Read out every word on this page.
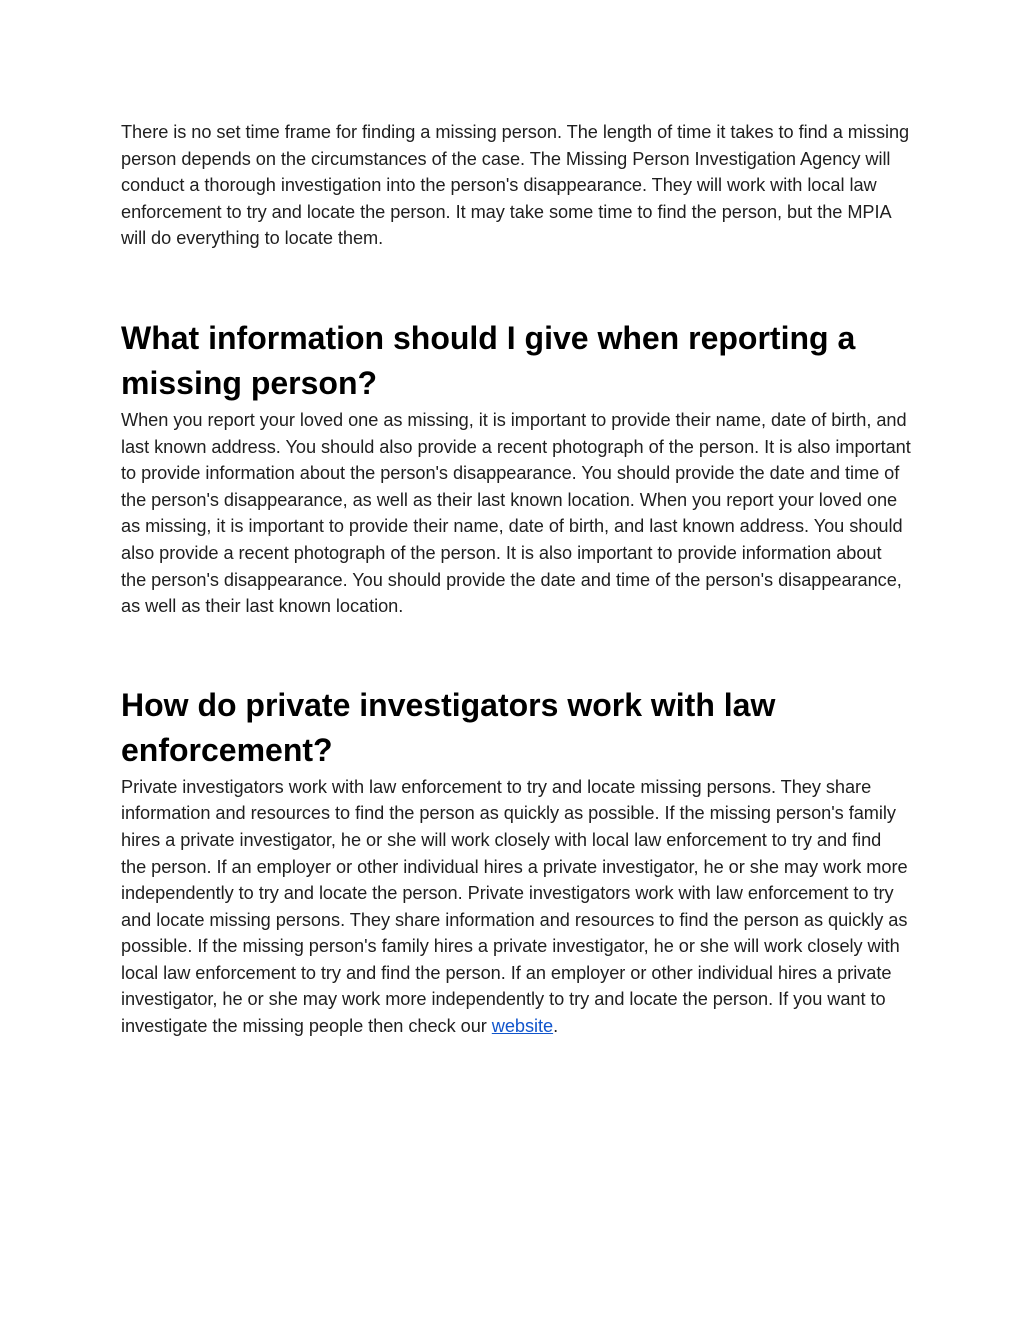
There is no set time frame for finding a missing person. The length of time it takes to find a missing person depends on the circumstances of the case. The Missing Person Investigation Agency will conduct a thorough investigation into the person's disappearance. They will work with local law enforcement to try and locate the person. It may take some time to find the person, but the MPIA will do everything to locate them.

What information should I give when reporting a missing person?

When you report your loved one as missing, it is important to provide their name, date of birth, and last known address. You should also provide a recent photograph of the person. It is also important to provide information about the person's disappearance. You should provide the date and time of the person's disappearance, as well as their last known location. When you report your loved one as missing, it is important to provide their name, date of birth, and last known address. You should also provide a recent photograph of the person. It is also important to provide information about the person's disappearance. You should provide the date and time of the person's disappearance, as well as their last known location.

How do private investigators work with law enforcement?

Private investigators work with law enforcement to try and locate missing persons. They share information and resources to find the person as quickly as possible. If the missing person's family hires a private investigator, he or she will work closely with local law enforcement to try and find the person. If an employer or other individual hires a private investigator, he or she may work more independently to try and locate the person. Private investigators work with law enforcement to try and locate missing persons. They share information and resources to find the person as quickly as possible. If the missing person's family hires a private investigator, he or she will work closely with local law enforcement to try and find the person. If an employer or other individual hires a private investigator, he or she may work more independently to try and locate the person. If you want to investigate the missing people then check our website.
